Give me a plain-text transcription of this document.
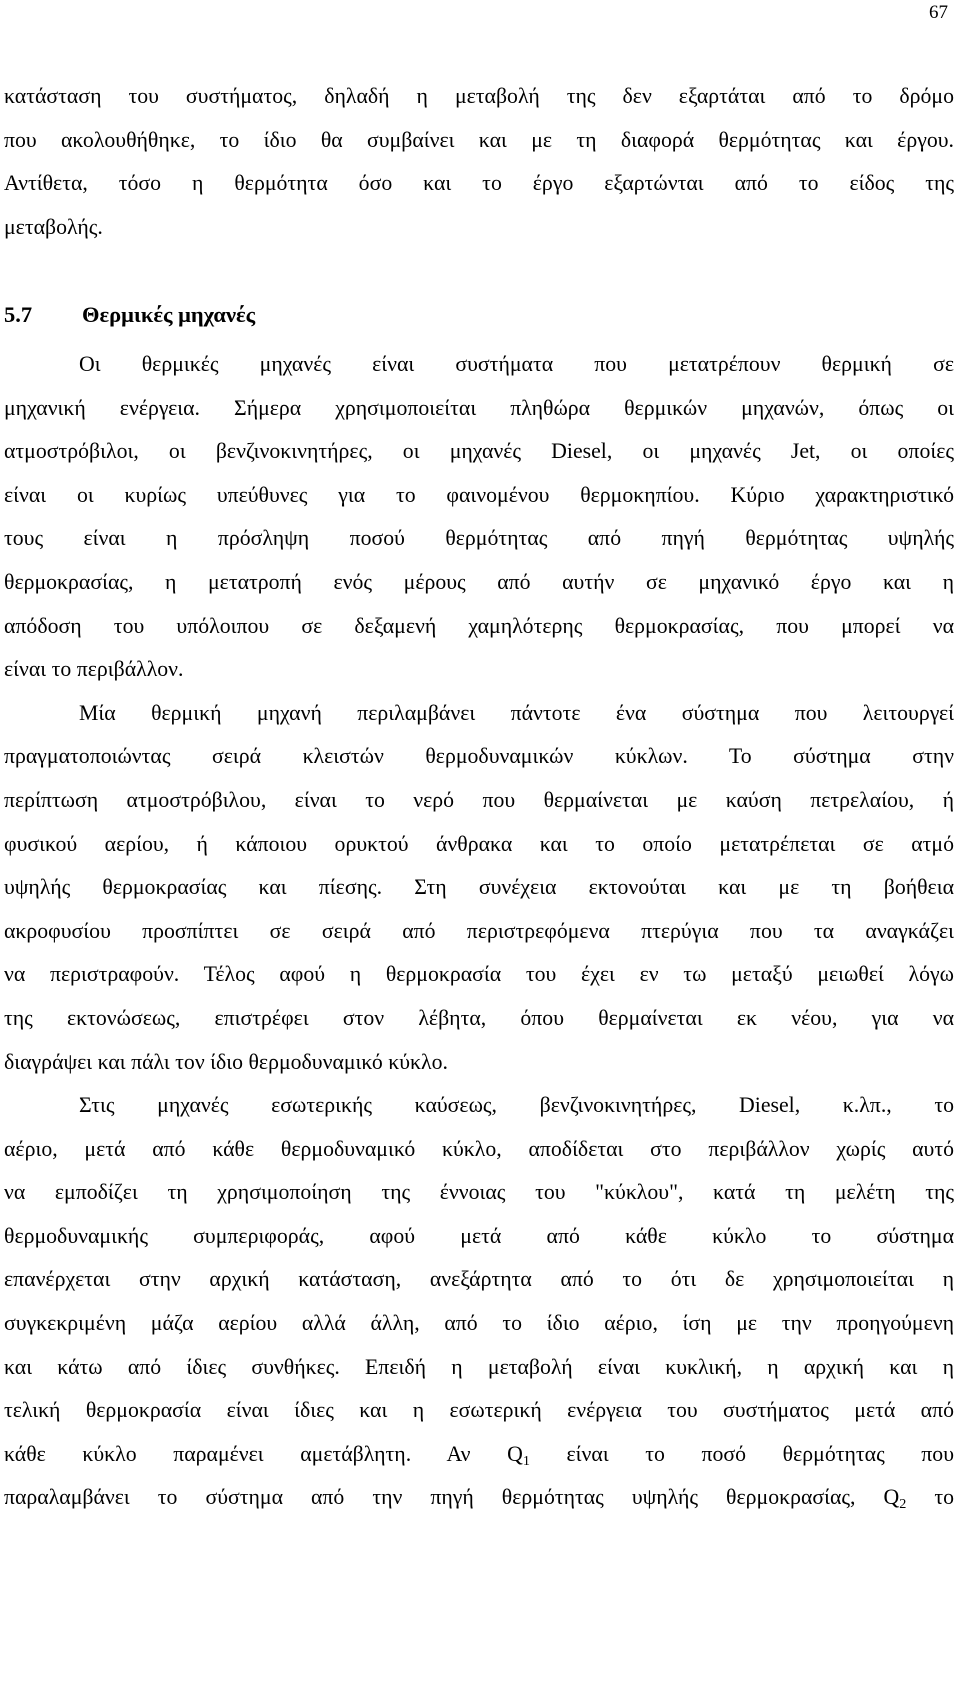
67
κατάσταση του συστήματος, δηλαδή η μεταβολή της δεν εξαρτάται από το δρόμο
που ακολουθήθηκε, το ίδιο θα συμβαίνει και με τη διαφορά θερμότητας και έργου.
Αντίθετα, τόσο η θερμότητα όσο και το έργο εξαρτώνται από το είδος της
μεταβολής.
5.7 Θερμικές μηχανές
Οι θερμικές μηχανές είναι συστήματα που μετατρέπουν θερμική σε
μηχανική ενέργεια. Σήμερα χρησιμοποιείται πληθώρα θερμικών μηχανών, όπως οι
ατμοστρόβιλοι, οι βενζινοκινητήρες, οι μηχανές Diesel, οι μηχανές Jet, οι οποίες
είναι οι κυρίως υπεύθυνες για το φαινομένου θερμοκηπίου. Κύριο χαρακτηριστικό
τους είναι η πρόσληψη ποσού θερμότητας από πηγή θερμότητας υψηλής
θερμοκρασίας, η μετατροπή ενός μέρους από αυτήν σε μηχανικό έργο και η
απόδοση του υπόλοιπου σε δεξαμενή χαμηλότερης θερμοκρασίας, που μπορεί να
είναι το περιβάλλον.
Μία θερμική μηχανή περιλαμβάνει πάντοτε ένα σύστημα που λειτουργεί
πραγματοποιώντας σειρά κλειστών θερμοδυναμικών κύκλων. Το σύστημα στην
περίπτωση ατμοστρόβιλου, είναι το νερό που θερμαίνεται με καύση πετρελαίου, ή
φυσικού αερίου, ή κάποιου ορυκτού άνθρακα και το οποίο μετατρέπεται σε ατμό
υψηλής θερμοκρασίας και πίεσης. Στη συνέχεια εκτονούται και με τη βοήθεια
ακροφυσίου προσπίπτει σε σειρά από περιστρεφόμενα πτερύγια που τα αναγκάζει
να περιστραφούν. Τέλος αφού η θερμοκρασία του έχει εν τω μεταξύ μειωθεί λόγω
της εκτονώσεως, επιστρέφει στον λέβητα, όπου θερμαίνεται εκ νέου, για να
διαγράψει και πάλι τον ίδιο θερμοδυναμικό κύκλο.
Στις μηχανές εσωτερικής καύσεως, βενζινοκινητήρες, Diesel, κ.λπ., το
αέριο, μετά από κάθε θερμοδυναμικό κύκλο, αποδίδεται στο περιβάλλον χωρίς αυτό
να εμποδίζει τη χρησιμοποίηση της έννοιας του "κύκλου", κατά τη μελέτη της
θερμοδυναμικής συμπεριφοράς, αφού μετά από κάθε κύκλο το σύστημα
επανέρχεται στην αρχική κατάσταση, ανεξάρτητα από το ότι δε χρησιμοποιείται η
συγκεκριμένη μάζα αερίου αλλά άλλη, από το ίδιο αέριο, ίση με την προηγούμενη
και κάτω από ίδιες συνθήκες. Επειδή η μεταβολή είναι κυκλική, η αρχική και η
τελική θερμοκρασία είναι ίδιες και η εσωτερική ενέργεια του συστήματος μετά από
κάθε κύκλο παραμένει αμετάβλητη. Αν $Q_1$ είναι το ποσό θερμότητας που
παραλαμβάνει το σύστημα από την πηγή θερμότητας υψηλής θερμοκρασίας, $Q_2$ το
